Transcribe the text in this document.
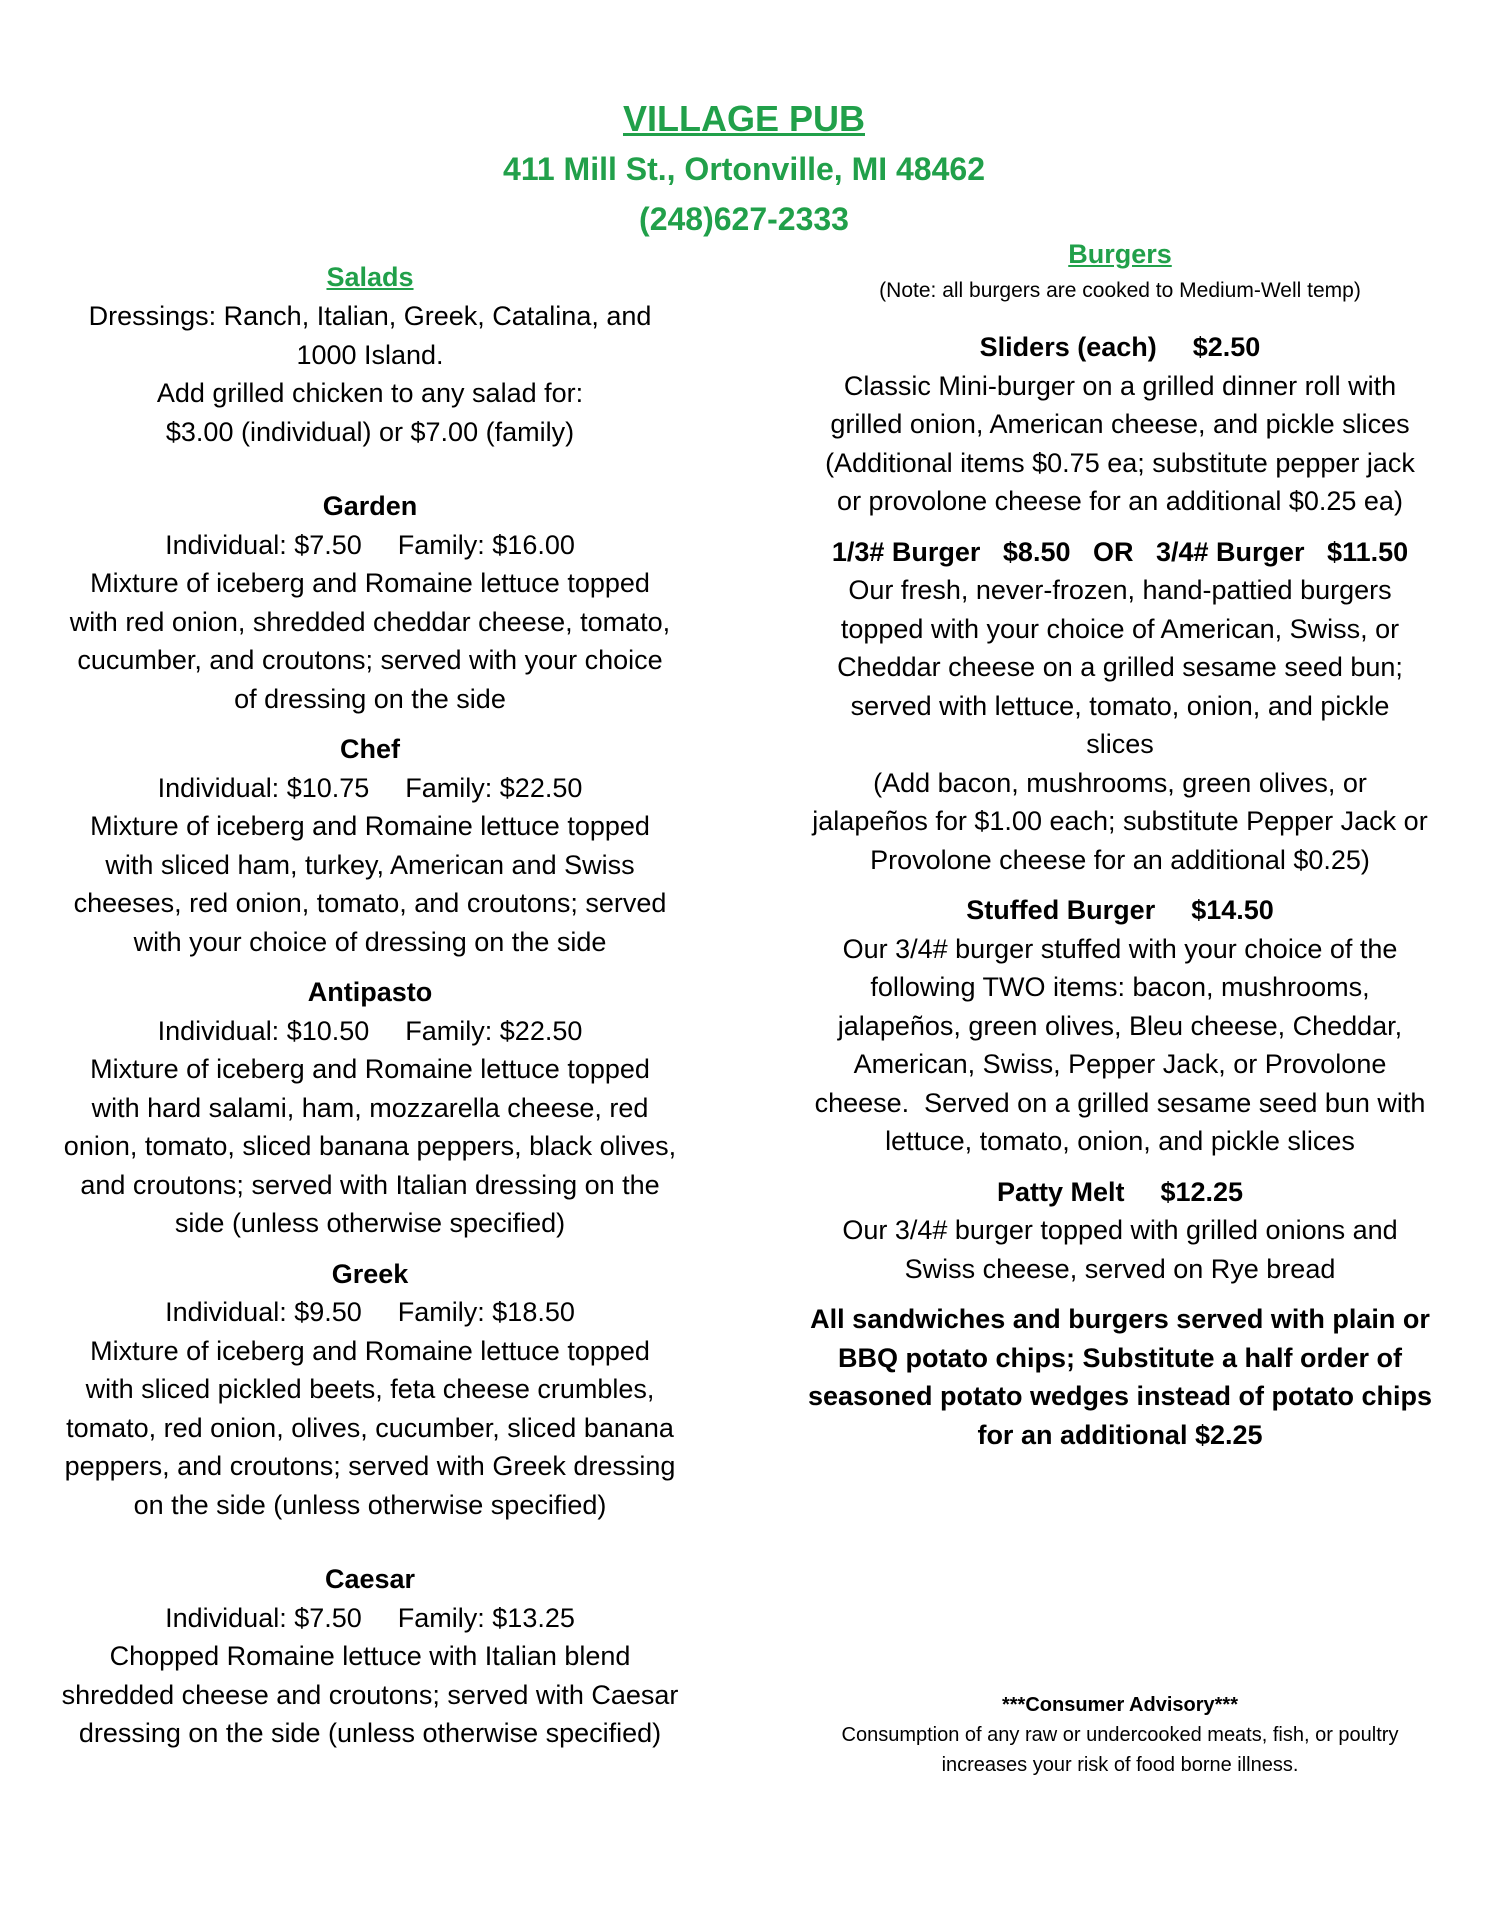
VILLAGE PUB
411 Mill St., Ortonville, MI 48462
(248)627-2333
Salads
Dressings: Ranch, Italian, Greek, Catalina, and
1000 Island.
Add grilled chicken to any salad for:
$3.00 (individual) or $7.00 (family)
Garden
Individual: $7.50 Family: $16.00
Mixture of iceberg and Romaine lettuce topped
with red onion, shredded cheddar cheese, tomato,
cucumber, and croutons; served with your choice
of dressing on the side
Chef
Individual: $10.75 Family: $22.50
Mixture of iceberg and Romaine lettuce topped
with sliced ham, turkey, American and Swiss
cheeses, red onion, tomato, and croutons; served
with your choice of dressing on the side
Antipasto
Individual: $10.50 Family: $22.50
Mixture of iceberg and Romaine lettuce topped
with hard salami, ham, mozzarella cheese, red
onion, tomato, sliced banana peppers, black olives,
and croutons; served with Italian dressing on the
side (unless otherwise specified)
Greek
Individual: $9.50 Family: $18.50
Mixture of iceberg and Romaine lettuce topped
with sliced pickled beets, feta cheese crumbles,
tomato, red onion, olives, cucumber, sliced banana
peppers, and croutons; served with Greek dressing
on the side (unless otherwise specified)
Caesar
Individual: $7.50 Family: $13.25
Chopped Romaine lettuce with Italian blend
shredded cheese and croutons; served with Caesar
dressing on the side (unless otherwise specified)
Burgers
(Note: all burgers are cooked to Medium-Well temp)
Sliders (each) $2.50
Classic Mini-burger on a grilled dinner roll with
grilled onion, American cheese, and pickle slices
(Additional items $0.75 ea; substitute pepper jack
or provolone cheese for an additional $0.25 ea)
1/3# Burger   $8.50   OR   3/4# Burger   $11.50
Our fresh, never-frozen, hand-pattied burgers
topped with your choice of American, Swiss, or
Cheddar cheese on a grilled sesame seed bun;
served with lettuce, tomato, onion, and pickle
slices
(Add bacon, mushrooms, green olives, or
jalapeños for $1.00 each; substitute Pepper Jack or
Provolone cheese for an additional $0.25)
Stuffed Burger $14.50
Our 3/4# burger stuffed with your choice of the
following TWO items: bacon, mushrooms,
jalapeños, green olives, Bleu cheese, Cheddar,
American, Swiss, Pepper Jack, or Provolone
cheese.  Served on a grilled sesame seed bun with
lettuce, tomato, onion, and pickle slices
Patty Melt $12.25
Our 3/4# burger topped with grilled onions and
Swiss cheese, served on Rye bread
All sandwiches and burgers served with plain or
BBQ potato chips; Substitute a half order of
seasoned potato wedges instead of potato chips
for an additional $2.25
***Consumer Advisory***
Consumption of any raw or undercooked meats, fish, or poultry
increases your risk of food borne illness.
